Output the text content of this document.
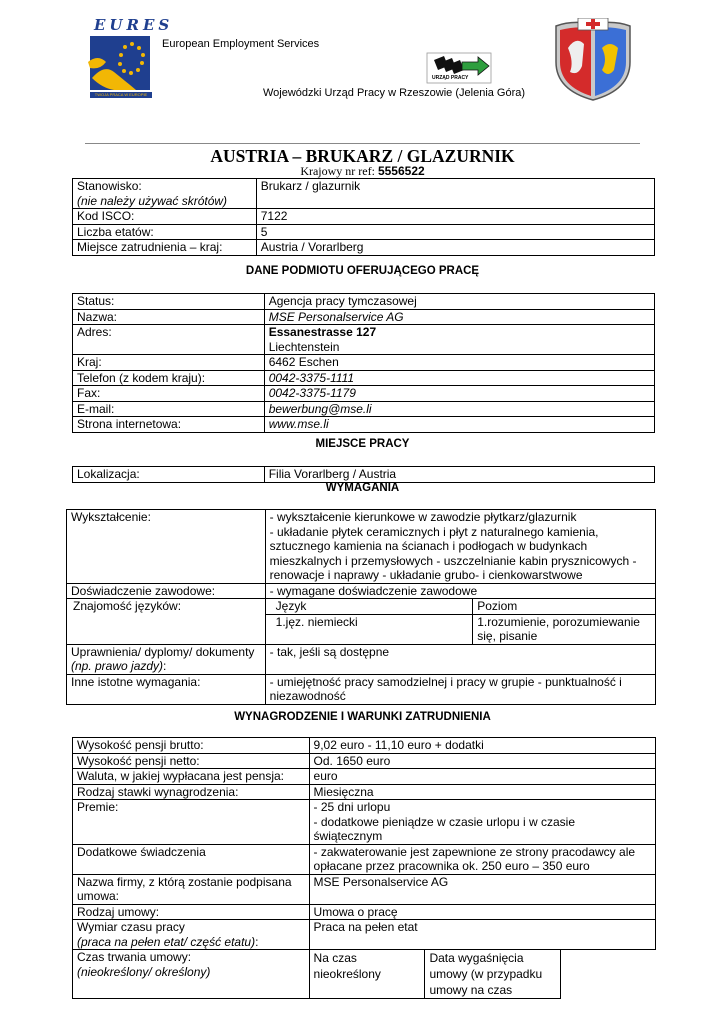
EURES
TWOJA PRACA W EUROPIE
European Employment Services
URZĄD PRACY
Wojewódzki Urząd Pracy w Rzeszowie (Jelenia Góra)
AUSTRIA – BRUKARZ / GLAZURNIK
Krajowy nr ref: 5556522
Stanowisko:
(nie należy używać skrótów)	Brukarz / glazurnik
Kod ISCO:	7122
Liczba etatów:	5
Miejsce zatrudnienia – kraj:	Austria / Vorarlberg
DANE PODMIOTU OFERUJĄCEGO PRACĘ
Status:	Agencja pracy tymczasowej
Nazwa:	MSE Personalservice AG
Adres:	Essanestrasse 127
Liechtenstein

Kraj:	6462 Eschen
Telefon (z kodem kraju):	0042-3375-1111
Fax:	0042-3375-1179
E-mail:	bewerbung@mse.li
Strona internetowa:	www.mse.li
MIEJSCE PRACY
Lokalizacja:	Filia Vorarlberg / Austria
WYMAGANIA
Wykształcenie:	- wykształcenie kierunkowe w zawodzie płytkarz/glazurnik
- układanie płytek ceramicznych i płyt z naturalnego kamienia, sztucznego kamienia na ścianach i podłogach w budynkach mieszkalnych i przemysłowych - uszczelnianie kabin prysznicowych - renowacje i naprawy - układanie grubo- i cienkowarstwowe	

Doświadczenie zawodowe:	- wymagane doświadczenie zawodowe	
Znajomość języków:	Język	Poziom
	1.jęz. niemiecki	1.rozumienie, porozumiewanie się, pisanie

Uprawnienia/ dyplomy/ dokumenty
(np. prawo jazdy):	- tak, jeśli są dostępne	
Inne istotne wymagania:	- umiejętność pracy samodzielnej i pracy w grupie - punktualność i niezawodność	
WYNAGRODZENIE I WARUNKI ZATRUDNIENIA
Wysokość pensji brutto:	9,02 euro - 11,10 euro + dodatki		
Wysokość pensji netto:	Od. 1650 euro		
Waluta, w jakiej wypłacana jest pensja:	euro		
Rodzaj stawki wynagrodzenia:	Miesięczna		
Premie:	- 25 dni urlopu
- dodatkowe pieniądze w czasie urlopu i w czasie świątecznym		

Dodatkowe świadczenia	- zakwaterowanie jest zapewnione ze strony pracodawcy ale opłacane przez pracownika ok. 250 euro – 350 euro		
Nazwa firmy, z którą zostanie podpisana umowa:	MSE Personalservice AG		
Rodzaj umowy:	Umowa o pracę		

Wymiar czasu pracy
(praca na pełen etat/ część etatu):	Praca na pełen etat		

Czas trwania umowy:
(nieokreślony/ określony)	Na czas nieokreślony	Data wygaśnięcia umowy (w przypadku umowy na czas	
